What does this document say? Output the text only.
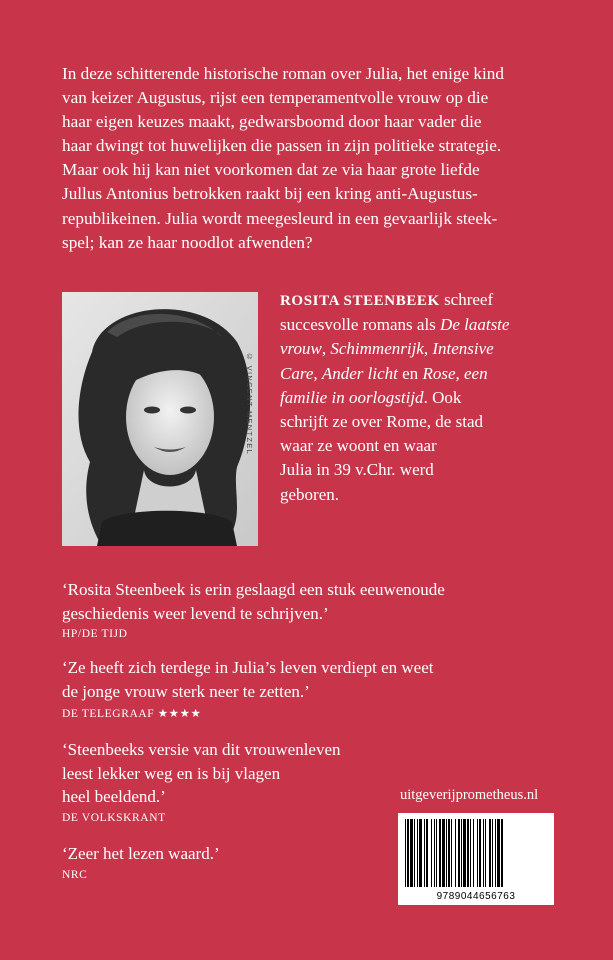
In deze schitterende historische roman over Julia, het enige kind
van keizer Augustus, rijst een temperamentvolle vrouw op die
haar eigen keuzes maakt, gedwarsboomd door haar vader die
haar dwingt tot huwelijken die passen in zijn politieke strategie.
Maar ook hij kan niet voorkomen dat ze via haar grote liefde
Jullus Antonius betrokken raakt bij een kring anti-Augustus-
republikeinen. Julia wordt meegesleurd in een gevaarlijk steek-
spel; kan ze haar noodlot afwenden?
© VINCENT MENTZEL
ROSITA STEENBEEK schreef
succesvolle romans als De laatste
vrouw, Schimmenrijk, Intensive
Care, Ander licht en Rose, een
familie in oorlogstijd. Ook
schrijft ze over Rome, de stad
waar ze woont en waar
Julia in 39 v.Chr. werd
geboren.
‘Rosita Steenbeek is erin geslaagd een stuk eeuwenoude
geschiedenis weer levend te schrijven.’
HP/DE TIJD
‘Ze heeft zich terdege in Julia’s leven verdiept en weet
de jonge vrouw sterk neer te zetten.’
DE TELEGRAAF ★★★★
‘Steenbeeks versie van dit vrouwenleven
leest lekker weg en is bij vlagen
heel beeldend.’
DE VOLKSKRANT
‘Zeer het lezen waard.’
NRC
uitgeverijprometheus.nl
9789044656763
